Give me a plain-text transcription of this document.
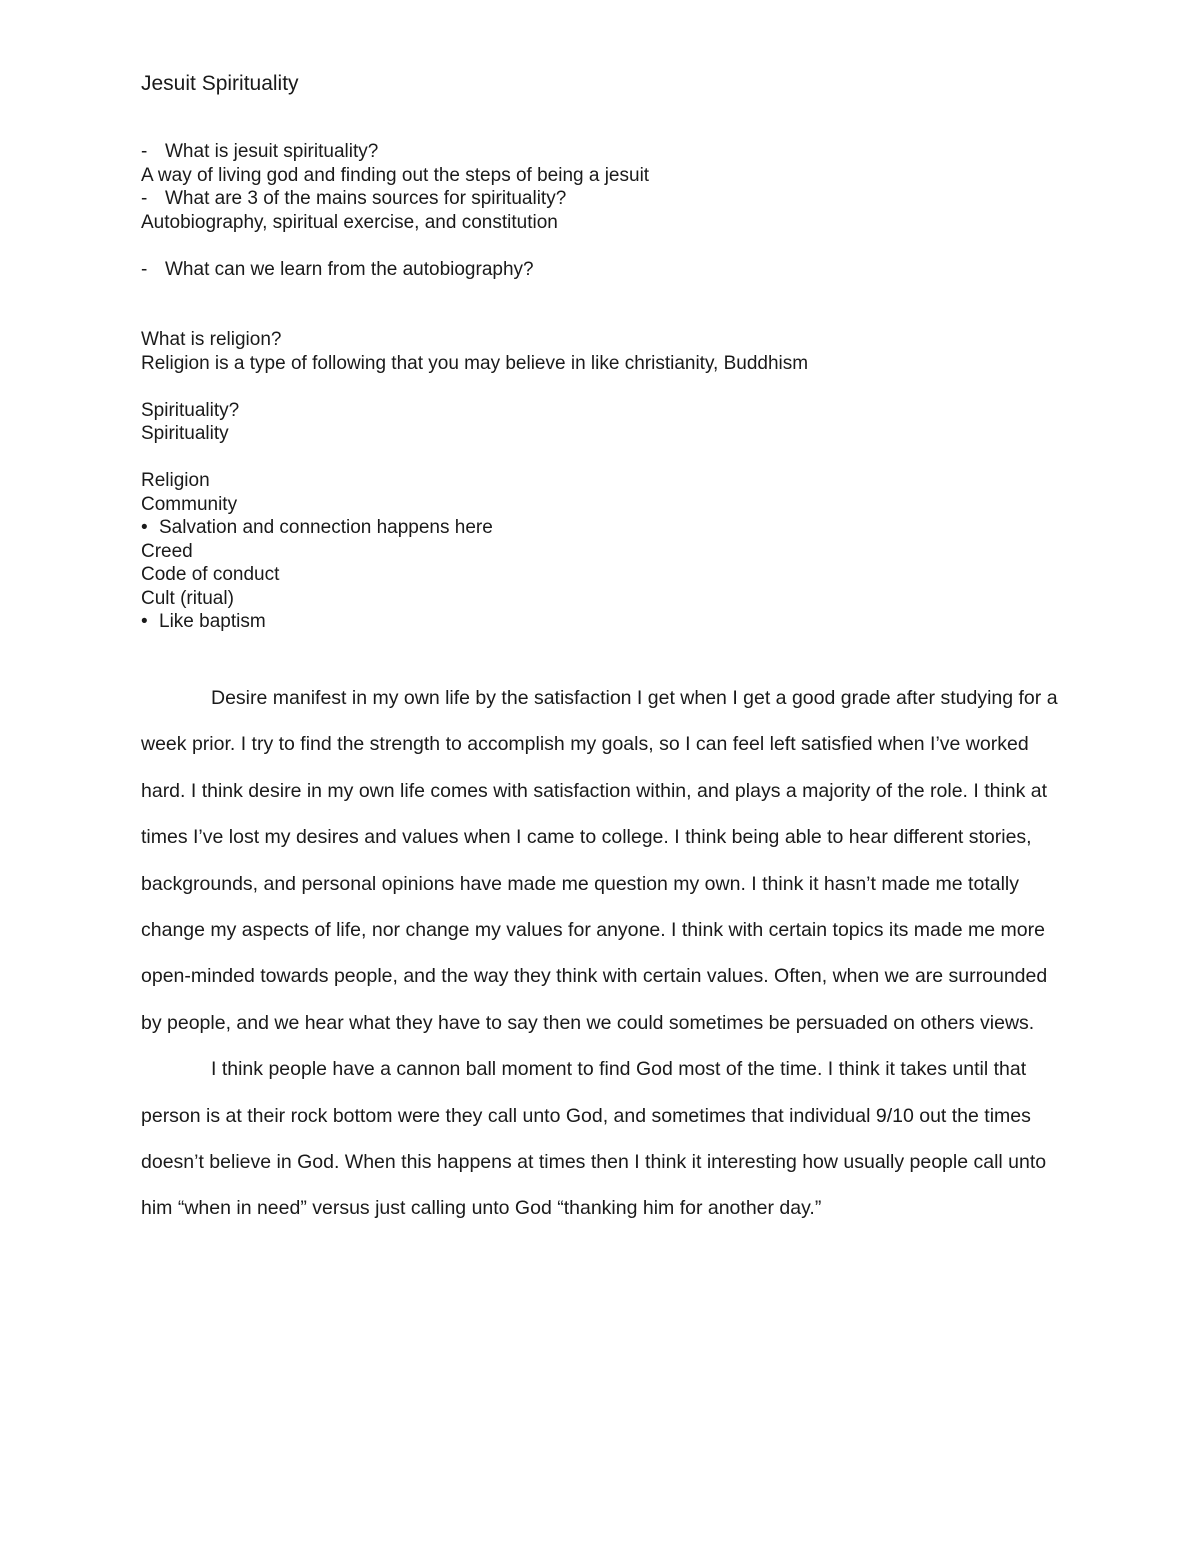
Jesuit Spirituality
- What is jesuit spirituality?
A way of living god and finding out the steps of being a jesuit
- What are 3 of the mains sources for spirituality?
Autobiography, spiritual exercise, and constitution
- What can we learn from the autobiography?
What is religion?
Religion is a type of following that you may believe in like christianity, Buddhism
Spirituality?
Spirituality
Religion
Community
• Salvation and connection happens here
Creed
Code of conduct
Cult (ritual)
• Like baptism

Desire manifest in my own life by the satisfaction I get when I get a good grade after studying for a week prior. I try to find the strength to accomplish my goals, so I can feel left satisfied when I’ve worked hard. I think desire in my own life comes with satisfaction within, and plays a majority of the role. I think at times I’ve lost my desires and values when I came to college. I think being able to hear different stories, backgrounds, and personal opinions have made me question my own. I think it hasn’t made me totally change my aspects of life, nor change my values for anyone. I think with certain topics its made me more open-minded towards people, and the way they think with certain values. Often, when we are surrounded by people, and we hear what they have to say then we could sometimes be persuaded on others views.

I think people have a cannon ball moment to find God most of the time. I think it takes until that person is at their rock bottom were they call unto God, and sometimes that individual 9/10 out the times doesn’t believe in God. When this happens at times then I think it interesting how usually people call unto him “when in need” versus just calling unto God “thanking him for another day.”
